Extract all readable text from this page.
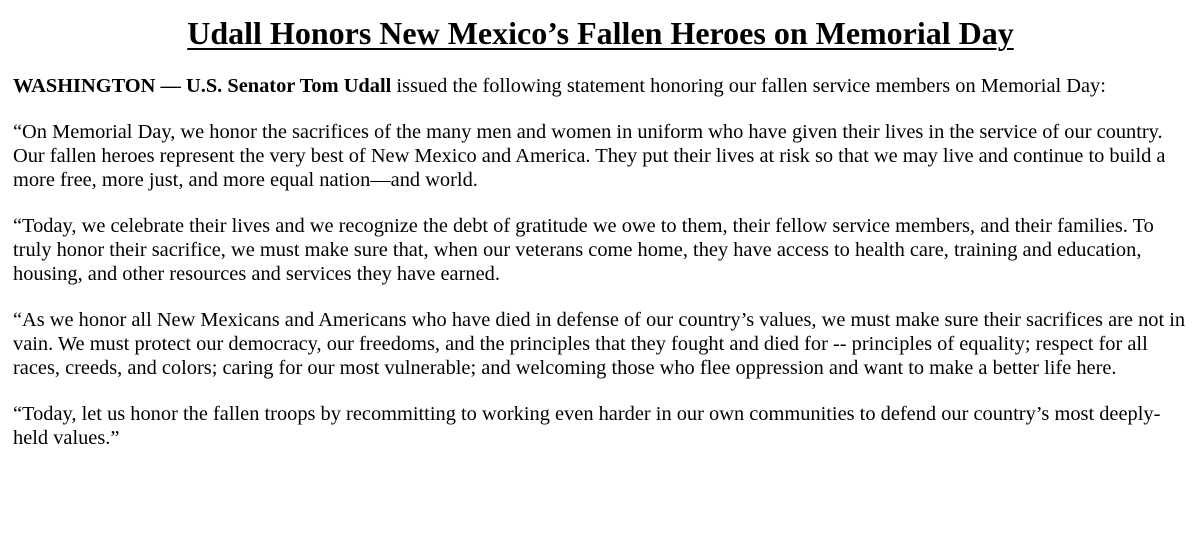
Udall Honors New Mexico’s Fallen Heroes on Memorial Day

WASHINGTON — U.S. Senator Tom Udall issued the following statement honoring our fallen service members on Memorial Day:

“On Memorial Day, we honor the sacrifices of the many men and women in uniform who have given their lives in the service of our country. Our fallen heroes represent the very best of New Mexico and America. They put their lives at risk so that we may live and continue to build a more free, more just, and more equal nation—and world.

“Today, we celebrate their lives and we recognize the debt of gratitude we owe to them, their fellow service members, and their families. To truly honor their sacrifice, we must make sure that, when our veterans come home, they have access to health care, training and education, housing, and other resources and services they have earned.

“As we honor all New Mexicans and Americans who have died in defense of our country’s values, we must make sure their sacrifices are not in vain. We must protect our democracy, our freedoms, and the principles that they fought and died for -- principles of equality; respect for all races, creeds, and colors; caring for our most vulnerable; and welcoming those who flee oppression and want to make a better life here.

“Today, let us honor the fallen troops by recommitting to working even harder in our own communities to defend our country’s most deeply-held values.”
